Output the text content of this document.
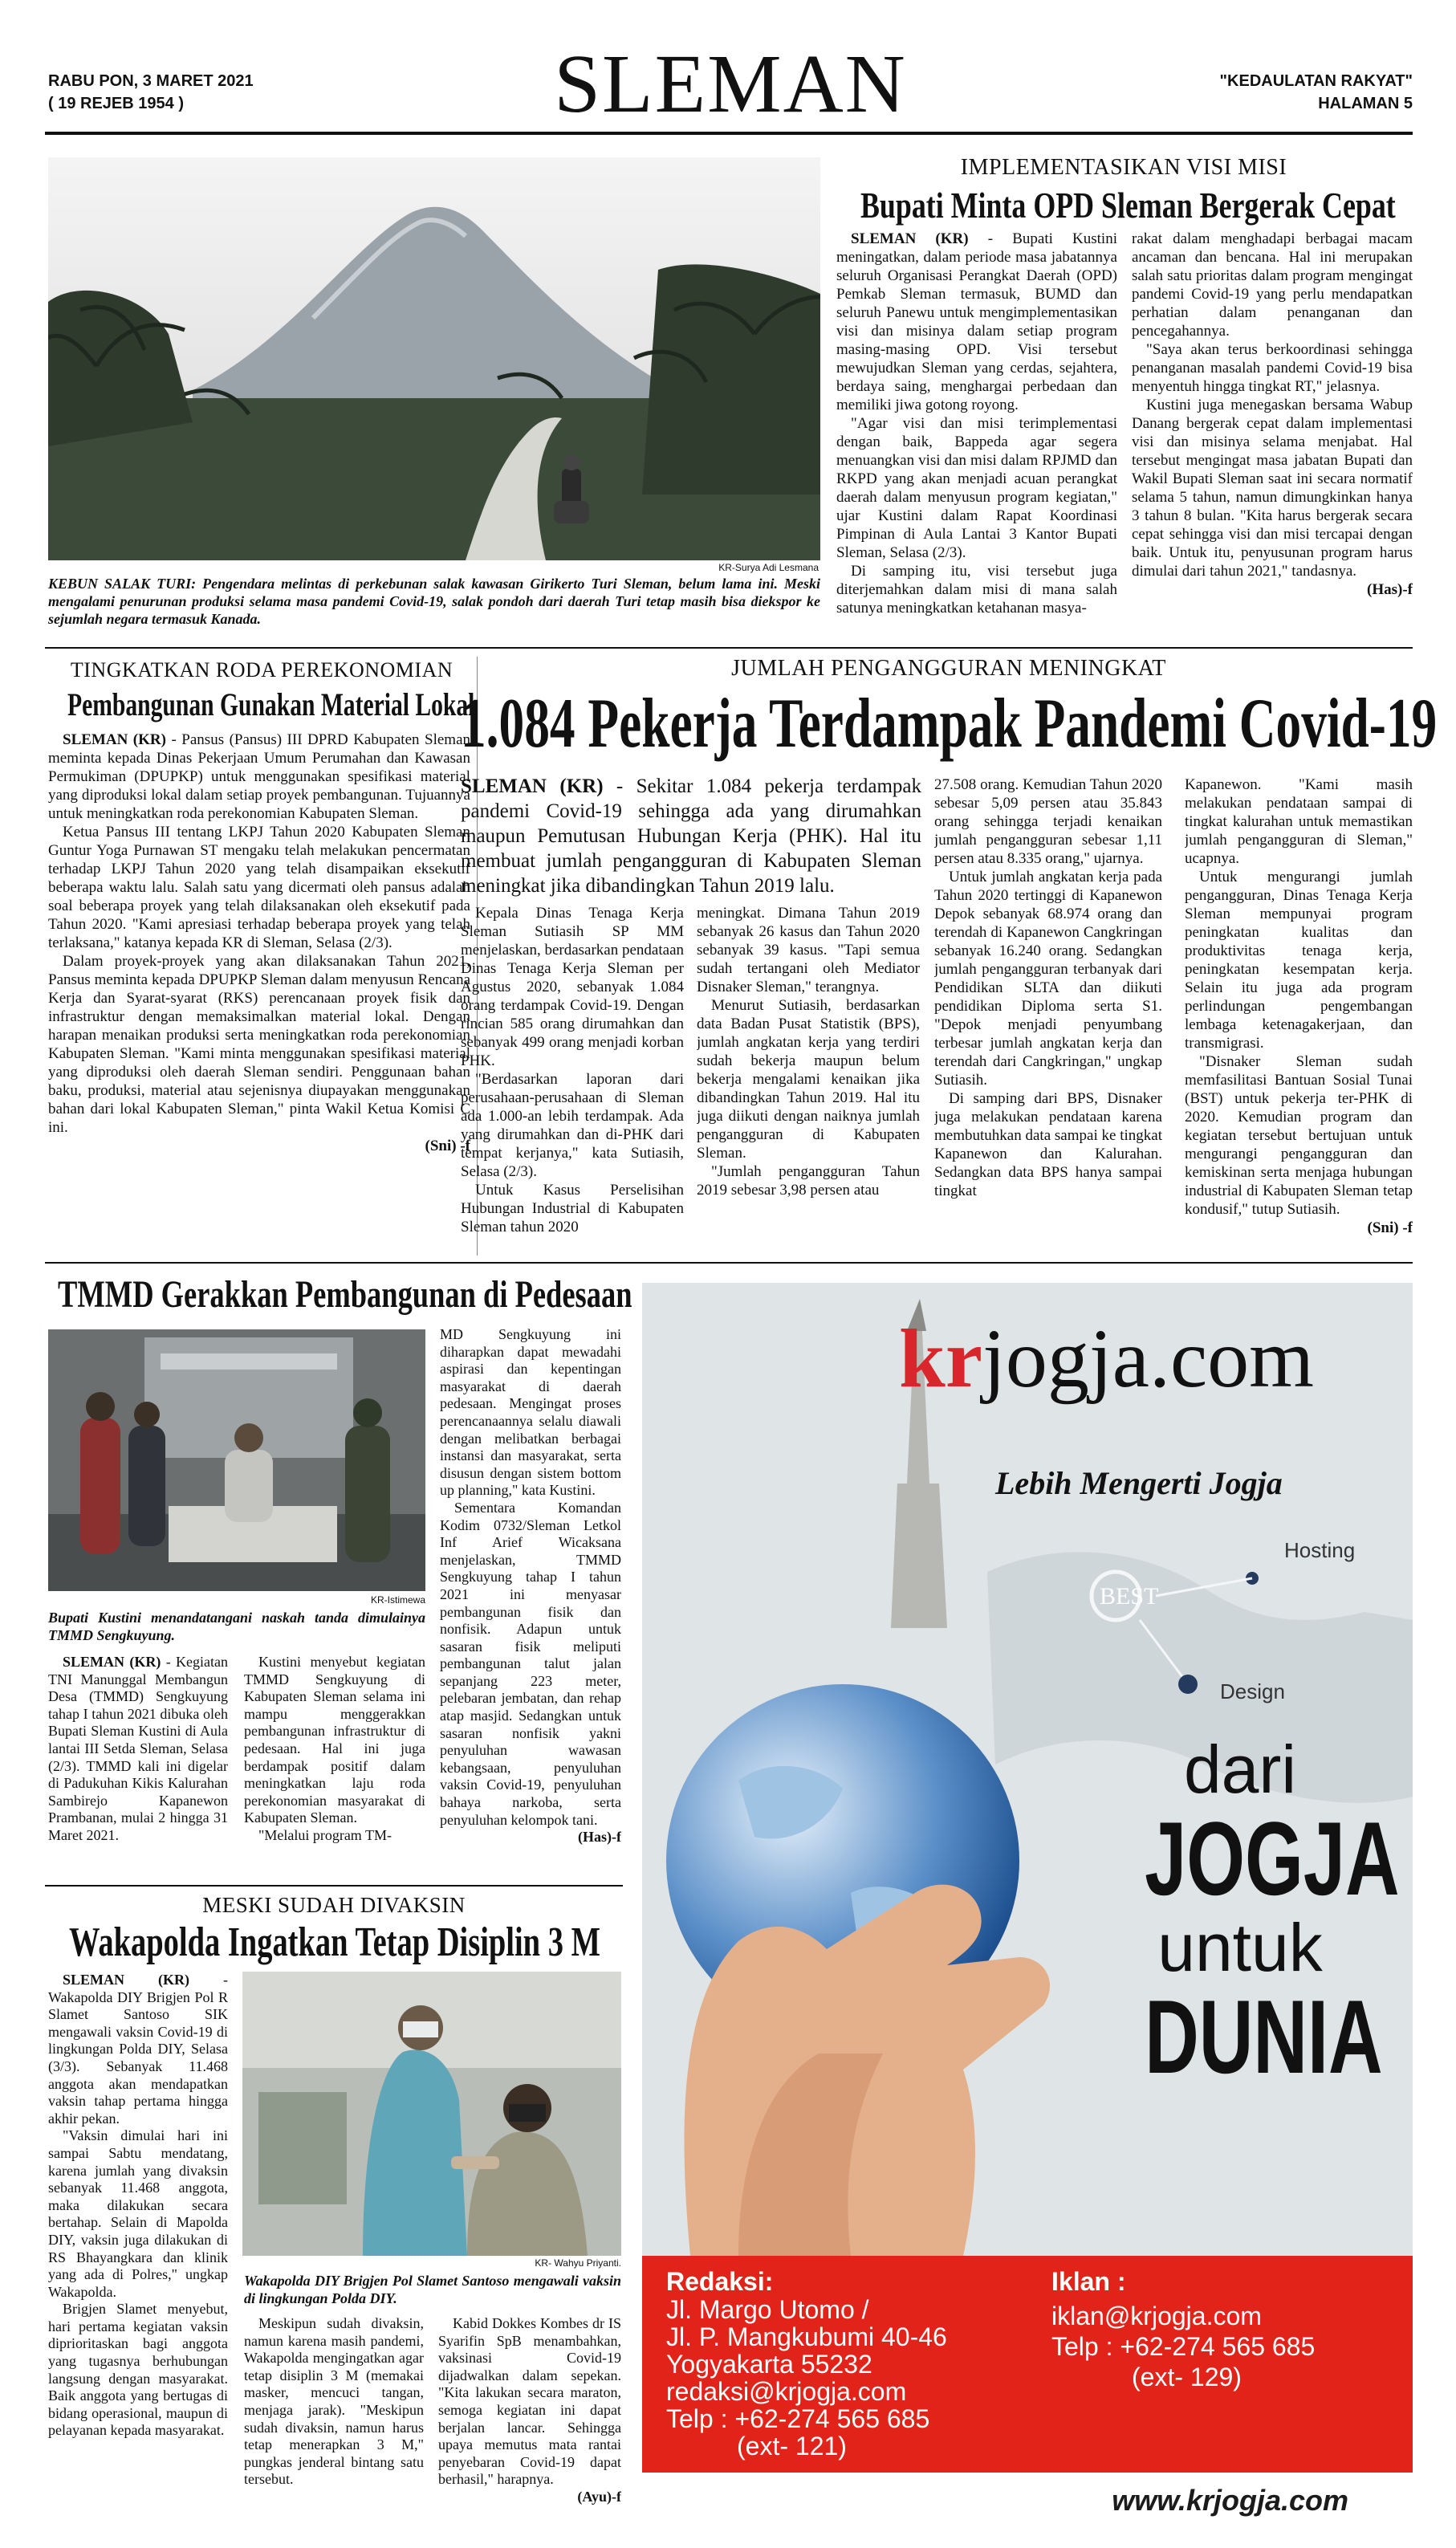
RABU PON, 3 MARET 2021
( 19 REJEB 1954 )	SLEMAN	"KEDAULATAN RAKYAT"
HALAMAN 5
KR-Surya Adi Lesmana
KEBUN SALAK TURI: Pengendara melintas di perkebunan salak kawasan Girikerto Turi Sleman, belum lama ini. Meski mengalami penurunan produksi selama masa pandemi Covid-19, salak pondoh dari daerah Turi tetap masih bisa diekspor ke sejumlah negara termasuk Kanada.
IMPLEMENTASIKAN VISI MISI
Bupati Minta OPD Sleman Bergerak Cepat

SLEMAN (KR) - Bupati Kustini meningatkan, dalam periode masa jabatannya seluruh Organisasi Perangkat Daerah (OPD) Pemkab Sleman termasuk, BUMD dan seluruh Panewu untuk mengimplementasikan visi dan misinya dalam setiap program masing-masing OPD. Visi tersebut mewujudkan Sleman yang cerdas, sejahtera, berdaya saing, menghargai perbedaan dan memiliki jiwa gotong royong.

"Agar visi dan misi terimplementasi dengan baik, Bappeda agar segera menuangkan visi dan misi dalam RPJMD dan RKPD yang akan menjadi acuan perangkat daerah dalam menyusun program kegiatan," ujar Kustini dalam Rapat Koordinasi Pimpinan di Aula Lantai 3 Kantor Bupati Sleman, Selasa (2/3).

Di samping itu, visi tersebut juga diterjemahkan dalam misi di mana salah satunya meningkatkan ketahanan masya-

rakat dalam menghadapi berbagai macam ancaman dan bencana. Hal ini merupakan salah satu prioritas dalam program mengingat pandemi Covid-19 yang perlu mendapatkan perhatian dalam penanganan dan pencegahannya.

"Saya akan terus berkoordinasi sehingga penanganan masalah pandemi Covid-19 bisa menyentuh hingga tingkat RT," jelasnya.

Kustini juga menegaskan bersama Wabup Danang bergerak cepat dalam implementasi visi dan misinya selama menjabat. Hal tersebut mengingat masa jabatan Bupati dan Wakil Bupati Sleman saat ini secara normatif selama 5 tahun, namun dimungkinkan hanya 3 tahun 8 bulan. "Kita harus bergerak secara cepat sehingga visi dan misi tercapai dengan baik. Untuk itu, penyusunan program harus dimulai dari tahun 2021," tandasnya.

(Has)-f
TINGKATKAN RODA PEREKONOMIAN
Pembangunan Gunakan Material Lokal

SLEMAN (KR) - Pansus (Pansus) III DPRD Kabupaten Sleman meminta kepada Dinas Pekerjaan Umum Perumahan dan Kawasan Permukiman (DPUPKP) untuk menggunakan spesifikasi material yang diproduksi lokal dalam setiap proyek pembangunan. Tujuannya untuk meningkatkan roda perekonomian Kabupaten Sleman.

Ketua Pansus III tentang LKPJ Tahun 2020 Kabupaten Sleman Guntur Yoga Purnawan ST mengaku telah melakukan pencermatan terhadap LKPJ Tahun 2020 yang telah disampaikan eksekutif beberapa waktu lalu. Salah satu yang dicermati oleh pansus adalah soal beberapa proyek yang telah dilaksanakan oleh eksekutif pada Tahun 2020. "Kami apresiasi terhadap beberapa proyek yang telah terlaksana," katanya kepada KR di Sleman, Selasa (2/3).

Dalam proyek-proyek yang akan dilaksanakan Tahun 2021, Pansus meminta kepada DPUPKP Sleman dalam menyusun Rencana Kerja dan Syarat-syarat (RKS) perencanaan proyek fisik dan infrastruktur dengan memaksimalkan material lokal. Dengan harapan menaikan produksi serta meningkatkan roda perekonomian Kabupaten Sleman. "Kami minta menggunakan spesifikasi material yang diproduksi oleh daerah Sleman sendiri. Penggunaan bahan baku, produksi, material atau sejenisnya diupayakan menggunakan bahan dari lokal Kabupaten Sleman," pinta Wakil Ketua Komisi C ini.

(Sni) -f
JUMLAH PENGANGGURAN MENINGKAT
1.084 Pekerja Terdampak Pandemi Covid-19
SLEMAN (KR) - Sekitar 1.084 pekerja terdampak pandemi Covid-19 sehingga ada yang dirumahkan maupun Pemutusan Hubungan Kerja (PHK). Hal itu membuat jumlah pengangguran di Kabupaten Sleman meningkat jika dibandingkan Tahun 2019 lalu.

Kepala Dinas Tenaga Kerja Sleman Sutiasih SP MM menjelaskan, berdasarkan pendataan Dinas Tenaga Kerja Sleman per Agustus 2020, sebanyak 1.084 orang terdampak Covid-19. Dengan rincian 585 orang dirumahkan dan sebanyak 499 orang menjadi korban PHK.

"Berdasarkan laporan dari perusahaan-perusahaan di Sleman ada 1.000-an lebih terdampak. Ada yang dirumahkan dan di-PHK dari tempat kerjanya," kata Sutiasih, Selasa (2/3).

Untuk Kasus Perselisihan Hubungan Industrial di Kabupaten Sleman tahun 2020

meningkat. Dimana Tahun 2019 sebanyak 26 kasus dan Tahun 2020 sebanyak 39 kasus. "Tapi semua sudah tertangani oleh Mediator Disnaker Sleman," terangnya.

Menurut Sutiasih, berdasarkan data Badan Pusat Statistik (BPS), jumlah angkatan kerja yang terdiri sudah bekerja maupun belum bekerja mengalami kenaikan jika dibandingkan Tahun 2019. Hal itu juga diikuti dengan naiknya jumlah pengangguran di Kabupaten Sleman.

"Jumlah pengangguran Tahun 2019 sebesar 3,98 persen atau

27.508 orang. Kemudian Tahun 2020 sebesar 5,09 persen atau 35.843 orang sehingga terjadi kenaikan jumlah pengangguran sebesar 1,11 persen atau 8.335 orang," ujarnya.

Untuk jumlah angkatan kerja pada Tahun 2020 tertinggi di Kapanewon Depok sebanyak 68.974 orang dan terendah di Kapanewon Cangkringan sebanyak 16.240 orang. Sedangkan jumlah pengangguran terbanyak dari Pendidikan SLTA dan diikuti pendidikan Diploma serta S1. "Depok menjadi penyumbang terbesar jumlah angkatan kerja dan terendah dari Cangkringan," ungkap Sutiasih.

Di samping dari BPS, Disnaker juga melakukan pendataan karena membutuhkan data sampai ke tingkat Kapanewon dan Kalurahan. Sedangkan data BPS hanya sampai tingkat

Kapanewon. "Kami masih melakukan pendataan sampai di tingkat kalurahan untuk memastikan jumlah pengangguran di Sleman," ucapnya.

Untuk mengurangi jumlah pengangguran, Dinas Tenaga Kerja Sleman mempunyai program peningkatan kualitas dan produktivitas tenaga kerja, peningkatan kesempatan kerja. Selain itu juga ada program perlindungan pengembangan lembaga ketenagakerjaan, dan transmigrasi.

"Disnaker Sleman sudah memfasilitasi Bantuan Sosial Tunai (BST) untuk pekerja ter-PHK di 2020. Kemudian program dan kegiatan tersebut bertujuan untuk mengurangi pengangguran dan kemiskinan serta menjaga hubungan industrial di Kabupaten Sleman tetap kondusif," tutup Sutiasih.

(Sni) -f
TMMD Gerakkan Pembangunan di Pedesaan
KR-Istimewa
Bupati Kustini menandatangani naskah tanda dimulainya TMMD Sengkuyung.

SLEMAN (KR) - Kegiatan TNI Manunggal Membangun Desa (TMMD) Sengkuyung tahap I tahun 2021 dibuka oleh Bupati Sleman Kustini di Aula lantai III Setda Sleman, Selasa (2/3). TMMD kali ini digelar di Padukuhan Kikis Kalurahan Sambirejo Kapanewon Prambanan, mulai 2 hingga 31 Maret 2021.

Kustini menyebut kegiatan TMMD Sengkuyung di Kabupaten Sleman selama ini mampu menggerakkan pembangunan infrastruktur di pedesaan. Hal ini juga berdampak positif dalam meningkatkan laju roda perekonomian masyarakat di Kabupaten Sleman.

"Melalui program TM-

MD Sengkuyung ini diharapkan dapat mewadahi aspirasi dan kepentingan masyarakat di daerah pedesaan. Mengingat proses perencanaannya selalu diawali dengan melibatkan berbagai instansi dan masyarakat, serta disusun dengan sistem bottom up planning," kata Kustini.

Sementara Komandan Kodim 0732/Sleman Letkol Inf Arief Wicaksana menjelaskan, TMMD Sengkuyung tahap I tahun 2021 ini menyasar pembangunan fisik dan nonfisik. Adapun untuk sasaran fisik meliputi pembangunan talut jalan sepanjang 223 meter, pelebaran jembatan, dan rehap atap masjid. Sedangkan untuk sasaran nonfisik yakni penyuluhan wawasan kebangsaan, penyuluhan vaksin Covid-19, penyuluhan bahaya narkoba, serta penyuluhan kelompok tani.

(Has)-f
MESKI SUDAH DIVAKSIN
Wakapolda Ingatkan Tetap Disiplin 3 M

SLEMAN (KR) - Wakapolda DIY Brigjen Pol R Slamet Santoso SIK mengawali vaksin Covid-19 di lingkungan Polda DIY, Selasa (3/3). Sebanyak 11.468 anggota akan mendapatkan vaksin tahap pertama hingga akhir pekan.

"Vaksin dimulai hari ini sampai Sabtu mendatang, karena jumlah yang divaksin sebanyak 11.468 anggota, maka dilakukan secara bertahap. Selain di Mapolda DIY, vaksin juga dilakukan di RS Bhayangkara dan klinik yang ada di Polres," ungkap Wakapolda.

Brigjen Slamet menyebut, hari pertama kegiatan vaksin diprioritaskan bagi anggota yang tugasnya berhubungan langsung dengan masyarakat. Baik anggota yang bertugas di bidang operasional, maupun di pelayanan kepada masyarakat.

KR- Wahyu Priyanti.
Wakapolda DIY Brigjen Pol Slamet Santoso mengawali vaksin di lingkungan Polda DIY.

Meskipun sudah divaksin, namun karena masih pandemi, Wakapolda mengingatkan agar tetap disiplin 3 M (memakai masker, mencuci tangan, menjaga jarak). "Meskipun sudah divaksin, namun harus tetap menerapkan 3 M," pungkas jenderal bintang satu tersebut.

Kabid Dokkes Kombes dr IS Syarifin SpB menambahkan, vaksinasi Covid-19 dijadwalkan dalam sepekan. "Kita lakukan secara maraton, semoga kegiatan ini dapat berjalan lancar. Sehingga upaya memutus mata rantai penyebaran Covid-19 dapat berhasil," harapnya.

(Ayu)-f
krjogja.com
Lebih Mengerti Jogja
Hosting
BEST
Design
dari
JOGJA
untuk
DUNIA
Redaksi:
Jl. Margo Utomo /
Jl. P. Mangkubumi 40-46
Yogyakarta 55232
redaksi@krjogja.com
Telp : +62-274 565 685
(ext- 121)
Iklan :
iklan@krjogja.com
Telp : +62-274 565 685
(ext- 129)
www.krjogja.com
